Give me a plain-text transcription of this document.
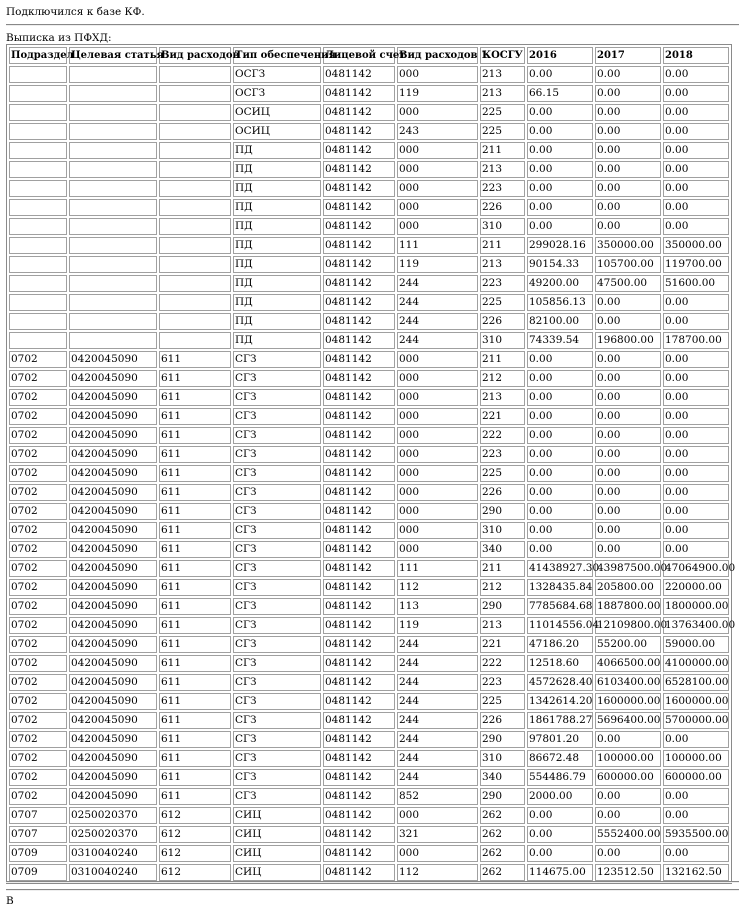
Подключился к базе КФ.
Выписка из ПФХД:
Подраздел	Целевая статья	Вид расходов	Тип обеспечения	Лицевой счет	Вид расходов 1	КОСГУ	2016	2017	2018
			ОСГЗ	0481142	000	213	0.00	0.00	0.00
			ОСГЗ	0481142	119	213	66.15	0.00	0.00
			ОСИЦ	0481142	000	225	0.00	0.00	0.00
			ОСИЦ	0481142	243	225	0.00	0.00	0.00
			ПД	0481142	000	211	0.00	0.00	0.00
			ПД	0481142	000	213	0.00	0.00	0.00
			ПД	0481142	000	223	0.00	0.00	0.00
			ПД	0481142	000	226	0.00	0.00	0.00
			ПД	0481142	000	310	0.00	0.00	0.00
			ПД	0481142	111	211	299028.16	350000.00	350000.00
			ПД	0481142	119	213	90154.33	105700.00	119700.00
			ПД	0481142	244	223	49200.00	47500.00	51600.00
			ПД	0481142	244	225	105856.13	0.00	0.00
			ПД	0481142	244	226	82100.00	0.00	0.00
			ПД	0481142	244	310	74339.54	196800.00	178700.00
0702	0420045090	611	СГЗ	0481142	000	211	0.00	0.00	0.00
0702	0420045090	611	СГЗ	0481142	000	212	0.00	0.00	0.00
0702	0420045090	611	СГЗ	0481142	000	213	0.00	0.00	0.00
0702	0420045090	611	СГЗ	0481142	000	221	0.00	0.00	0.00
0702	0420045090	611	СГЗ	0481142	000	222	0.00	0.00	0.00
0702	0420045090	611	СГЗ	0481142	000	223	0.00	0.00	0.00
0702	0420045090	611	СГЗ	0481142	000	225	0.00	0.00	0.00
0702	0420045090	611	СГЗ	0481142	000	226	0.00	0.00	0.00
0702	0420045090	611	СГЗ	0481142	000	290	0.00	0.00	0.00
0702	0420045090	611	СГЗ	0481142	000	310	0.00	0.00	0.00
0702	0420045090	611	СГЗ	0481142	000	340	0.00	0.00	0.00
0702	0420045090	611	СГЗ	0481142	111	211	41438927.30	43987500.00	47064900.00
0702	0420045090	611	СГЗ	0481142	112	212	1328435.84	205800.00	220000.00
0702	0420045090	611	СГЗ	0481142	113	290	7785684.68	1887800.00	1800000.00
0702	0420045090	611	СГЗ	0481142	119	213	11014556.04	12109800.00	13763400.00
0702	0420045090	611	СГЗ	0481142	244	221	47186.20	55200.00	59000.00
0702	0420045090	611	СГЗ	0481142	244	222	12518.60	4066500.00	4100000.00
0702	0420045090	611	СГЗ	0481142	244	223	4572628.40	6103400.00	6528100.00
0702	0420045090	611	СГЗ	0481142	244	225	1342614.20	1600000.00	1600000.00
0702	0420045090	611	СГЗ	0481142	244	226	1861788.27	5696400.00	5700000.00
0702	0420045090	611	СГЗ	0481142	244	290	97801.20	0.00	0.00
0702	0420045090	611	СГЗ	0481142	244	310	86672.48	100000.00	100000.00
0702	0420045090	611	СГЗ	0481142	244	340	554486.79	600000.00	600000.00
0702	0420045090	611	СГЗ	0481142	852	290	2000.00	0.00	0.00
0707	0250020370	612	СИЦ	0481142	000	262	0.00	0.00	0.00
0707	0250020370	612	СИЦ	0481142	321	262	0.00	5552400.00	5935500.00
0709	0310040240	612	СИЦ	0481142	000	262	0.00	0.00	0.00
0709	0310040240	612	СИЦ	0481142	112	262	114675.00	123512.50	132162.50
В
